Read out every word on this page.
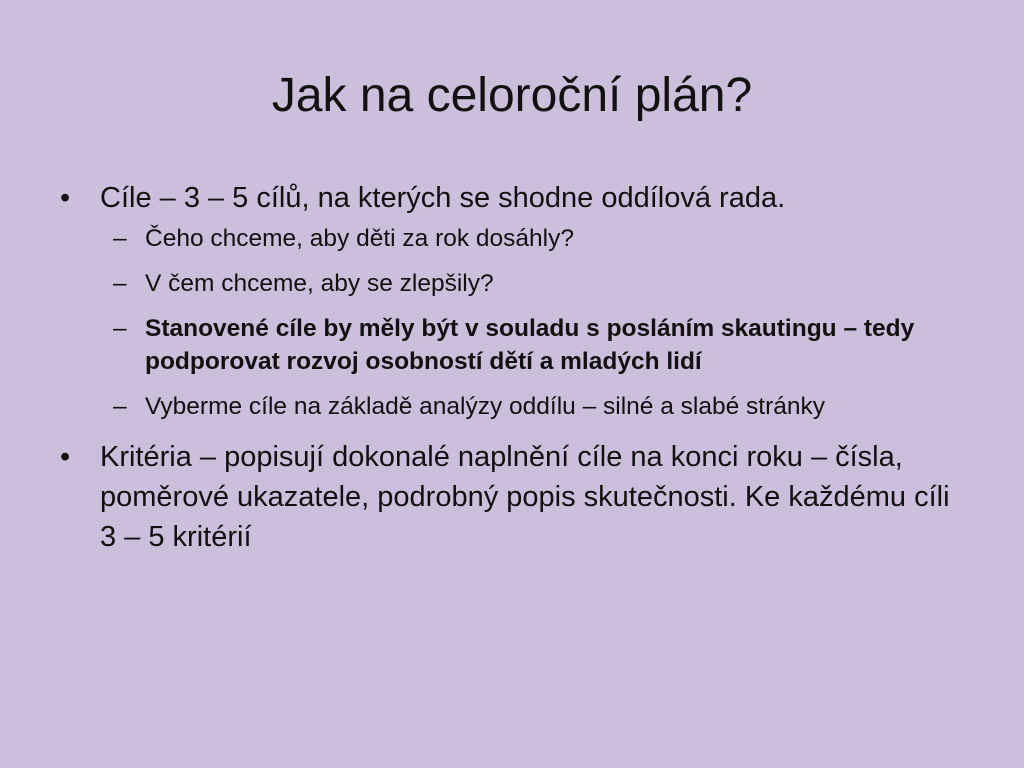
Jak na celoroční plán?

•	Cíle – 3 – 5 cílů, na kterých se shodne oddílová rada.

– Čeho chceme, aby děti za rok dosáhly?

– V čem chceme, aby se zlepšily?

– Stanovené cíle by měly být v souladu s posláním skautingu – tedy podporovat rozvoj osobností dětí a mladých lidí

– Vyberme cíle na základě analýzy oddílu – silné a slabé stránky

•	Kritéria – popisují dokonalé naplnění cíle na konci roku – čísla, poměrové ukazatele, podrobný popis skutečnosti. Ke každému cíli 3 – 5 kritérií
